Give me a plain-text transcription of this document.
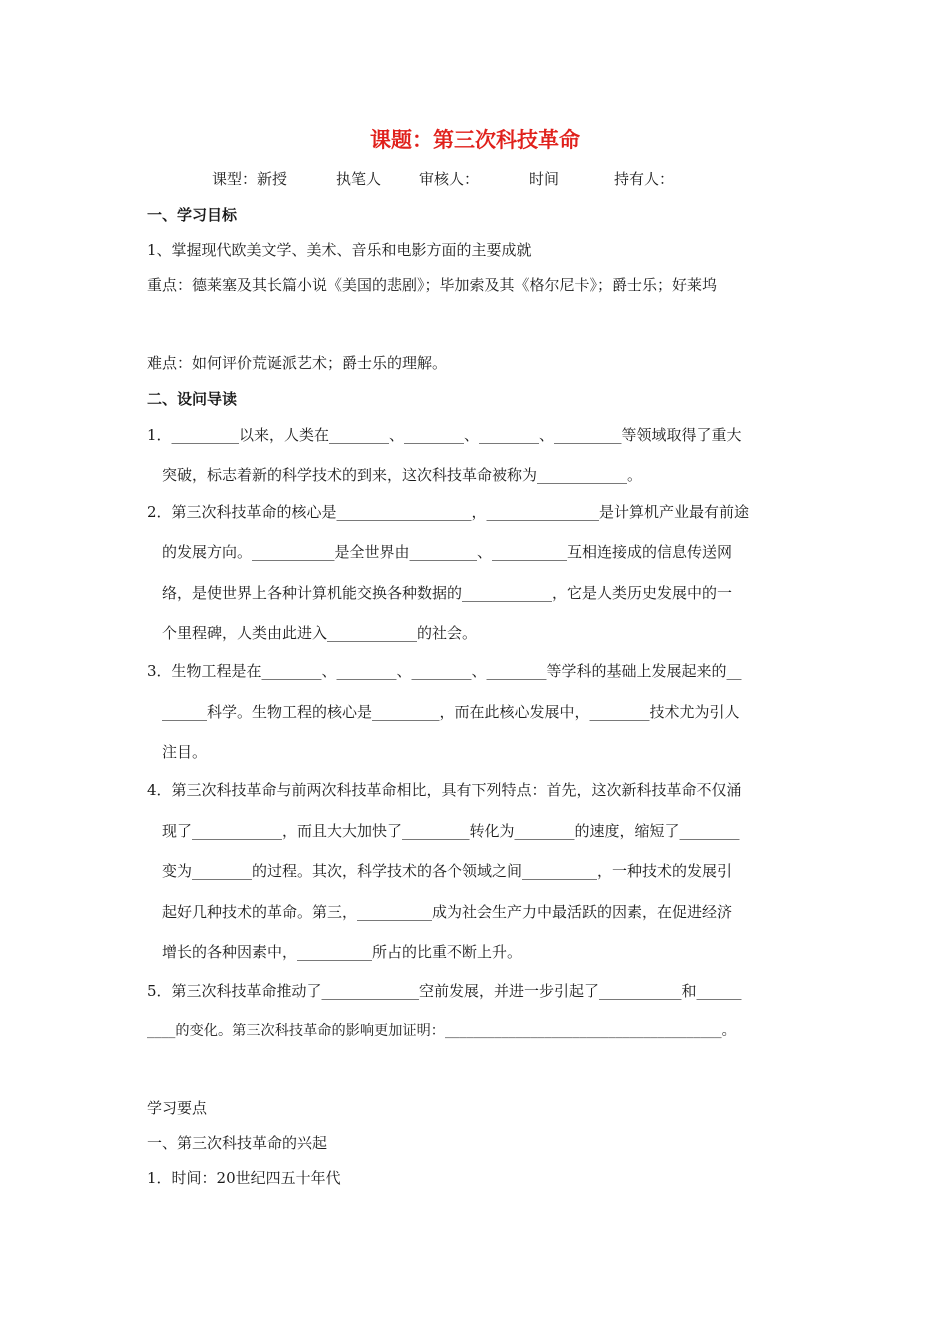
课题：第三次科技革命
课型：新授	执笔人	审核人：	时间	持有人：
一、学习目标
1、掌握现代欧美文学、美术、音乐和电影方面的主要成就
重点：德莱塞及其长篇小说《美国的悲剧》；毕加索及其《格尔尼卡》；爵士乐；好莱坞
难点：如何评价荒诞派艺术；爵士乐的理解。
二、设问导读
1．_________以来，人类在________、________、________、_________等领域取得了重大
突破，标志着新的科学技术的到来，这次科技革命被称为____________。
2．第三次科技革命的核心是__________________，_______________是计算机产业最有前途
的发展方向。___________是全世界由_________、__________互相连接成的信息传送网
络，是使世界上各种计算机能交换各种数据的____________，它是人类历史发展中的一
个里程碑，人类由此进入____________的社会。
3．生物工程是在________、________、________、________等学科的基础上发展起来的__
______科学。生物工程的核心是_________，而在此核心发展中，________技术尤为引人
注目。
4．第三次科技革命与前两次科技革命相比，具有下列特点：首先，这次新科技革命不仅涌
现了____________，而且大大加快了_________转化为________的速度，缩短了________
变为________的过程。其次，科学技术的各个领域之间__________，一种技术的发展引
起好几种技术的革命。第三，__________成为社会生产力中最活跃的因素，在促进经济
增长的各种因素中，__________所占的比重不断上升。
5．第三次科技革命推动了_____________空前发展，并进一步引起了___________和______
____的变化。第三次科技革命的影响更加证明：_______________________________________。
学习要点
一、第三次科技革命的兴起
1．时间：20世纪四五十年代
